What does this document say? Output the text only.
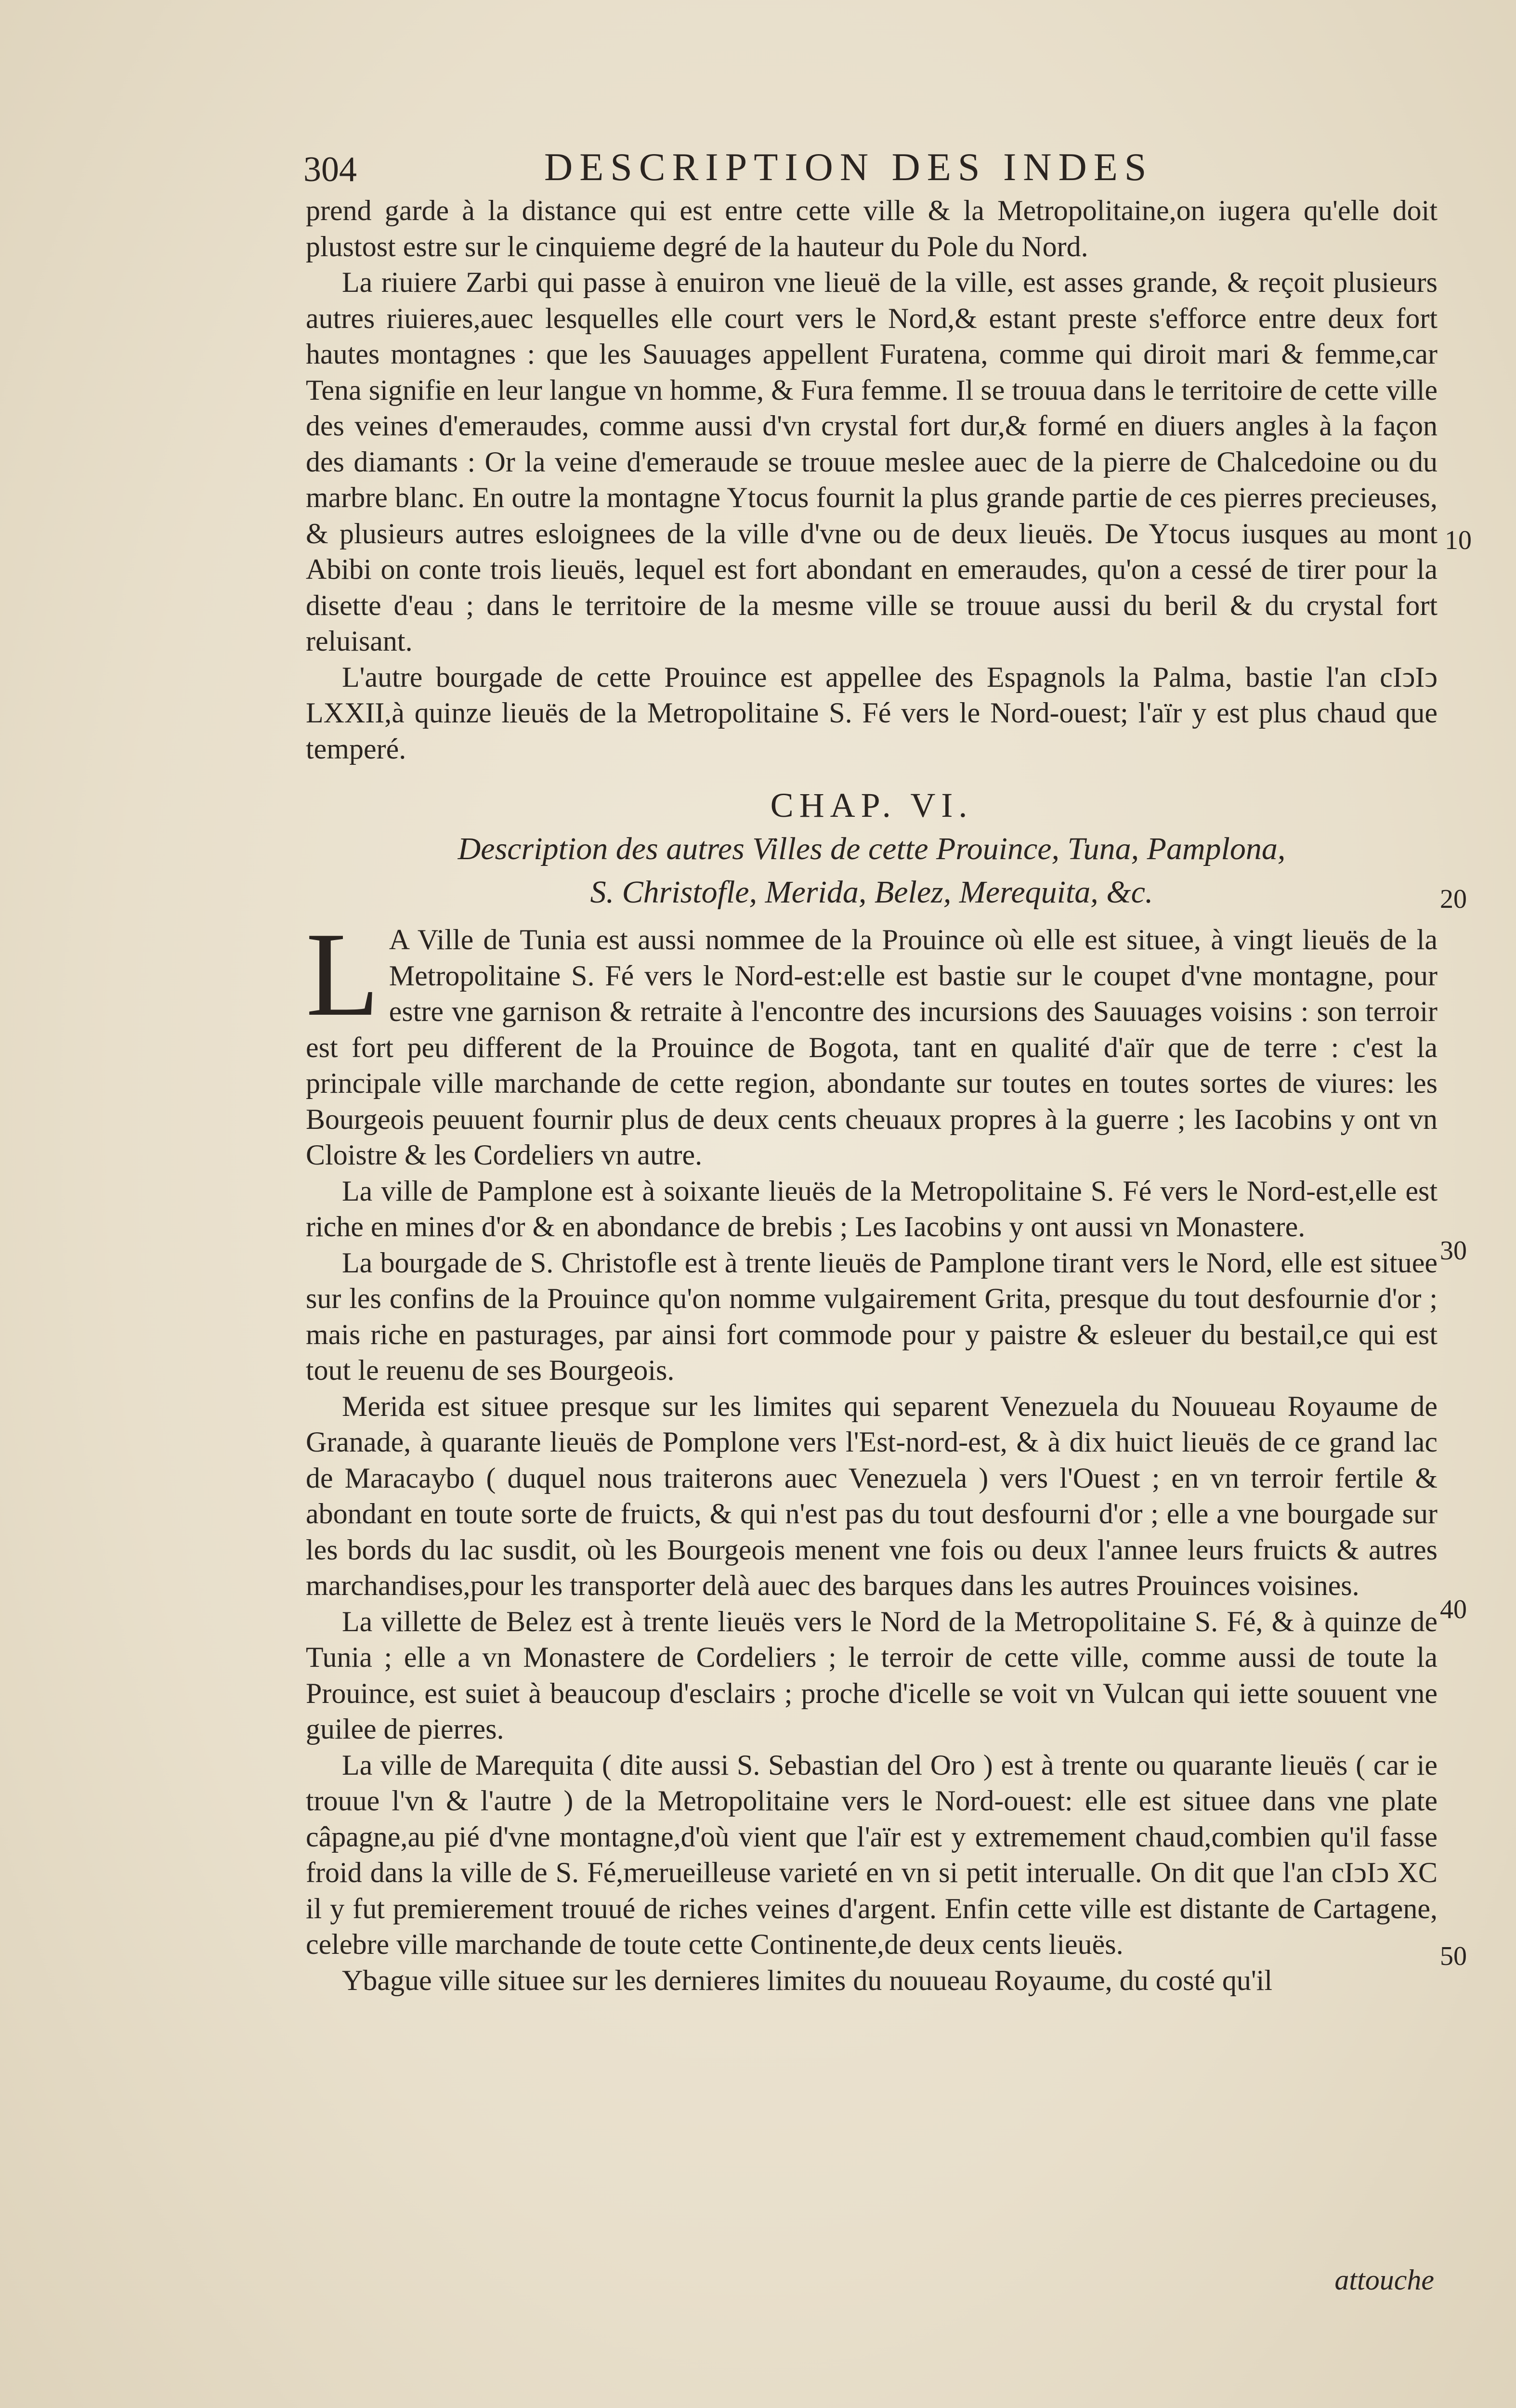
304	DESCRIPTION DES INDES

prend garde à la distance qui est entre cette ville & la Metropolitaine,on iugera qu'elle doit plustost estre sur le cinquieme degré de la hauteur du Pole du Nord.

La riuiere Zarbi qui passe à enuiron vne lieuë de la ville, est asses grande, & reçoit plusieurs autres riuieres,auec lesquelles elle court vers le Nord,& estant preste s'efforce entre deux fort hautes montagnes : que les Sauuages appellent Furatena, comme qui diroit mari & femme,car Tena signifie en leur langue vn homme, & Fura femme. Il se trouua dans le territoire de cette ville des veines d'emeraudes, comme aussi d'vn crystal fort dur,& formé en diuers angles à la façon des diamants : Or la veine d'emeraude se trouue meslee auec de la pierre de Chalcedoine ou du marbre blanc. En outre la montagne Ytocus fournit la plus grande partie de ces pierres precieuses, & plusieurs autres esloignees de la ville d'vne ou de deux lieuës. De Ytocus iusques au mont Abibi on conte trois lieuës, lequel est fort abondant en emeraudes, qu'on a cessé de tirer pour la disette d'eau ; dans le territoire de la mesme ville se trouue aussi du beril & du crystal fort reluisant.

L'autre bourgade de cette Prouince est appellee des Espagnols la Palma, bastie l'an cIↄIↄ LXXII,à quinze lieuës de la Metropolitaine S. Fé vers le Nord-ouest; l'aïr y est plus chaud que temperé.

CHAP. VI.
Description des autres Villes de cette Prouince, Tuna, Pamplona,
S. Christofle, Merida, Belez, Merequita, &c.

L A Ville de Tunia est aussi nommee de la Prouince où elle est situee, à vingt lieuës de la Metropolitaine S. Fé vers le Nord-est:elle est bastie sur le coupet d'vne montagne, pour estre vne garnison & retraite à l'encontre des incursions des Sauuages voisins : son terroir est fort peu different de la Prouince de Bogota, tant en qualité d'aïr que de terre : c'est la principale ville marchande de cette region, abondante sur toutes en toutes sortes de viures: les Bourgeois peuuent fournir plus de deux cents cheuaux propres à la guerre ; les Iacobins y ont vn Cloistre & les Cordeliers vn autre.

La ville de Pamplone est à soixante lieuës de la Metropolitaine S. Fé vers le Nord-est,elle est riche en mines d'or & en abondance de brebis ; Les Iacobins y ont aussi vn Monastere.

La bourgade de S. Christofle est à trente lieuës de Pamplone tirant vers le Nord, elle est situee sur les confins de la Prouince qu'on nomme vulgairement Grita, presque du tout desfournie d'or ; mais riche en pasturages, par ainsi fort commode pour y paistre & esleuer du bestail,ce qui est tout le reuenu de ses Bourgeois.

Merida est situee presque sur les limites qui separent Venezuela du Nouueau Royaume de Granade, à quarante lieuës de Pomplone vers l'Est-nord-est, & à dix huict lieuës de ce grand lac de Maracaybo ( duquel nous traiterons auec Venezuela ) vers l'Ouest ; en vn terroir fertile & abondant en toute sorte de fruicts, & qui n'est pas du tout desfourni d'or ; elle a vne bourgade sur les bords du lac susdit, où les Bourgeois menent vne fois ou deux l'annee leurs fruicts & autres marchandises,pour les transporter delà auec des barques dans les autres Prouinces voisines.

La villette de Belez est à trente lieuës vers le Nord de la Metropolitaine S. Fé, & à quinze de Tunia ; elle a vn Monastere de Cordeliers ; le terroir de cette ville, comme aussi de toute la Prouince, est suiet à beaucoup d'esclairs ; proche d'icelle se voit vn Vulcan qui iette souuent vne guilee de pierres.

La ville de Marequita ( dite aussi S. Sebastian del Oro ) est à trente ou quarante lieuës ( car ie trouue l'vn & l'autre ) de la Metropolitaine vers le Nord-ouest: elle est situee dans vne plate câpagne,au pié d'vne montagne,d'où vient que l'aïr est y extremement chaud,combien qu'il fasse froid dans la ville de S. Fé,merueilleuse varieté en vn si petit interualle. On dit que l'an cIↄIↄ XC il y fut premierement trouué de riches veines d'argent. Enfin cette ville est distante de Cartagene, celebre ville marchande de toute cette Continente,de deux cents lieuës.

Ybague ville situee sur les dernieres limites du nouueau Royaume, du costé qu'il

10
20
30
40
50
attouche
